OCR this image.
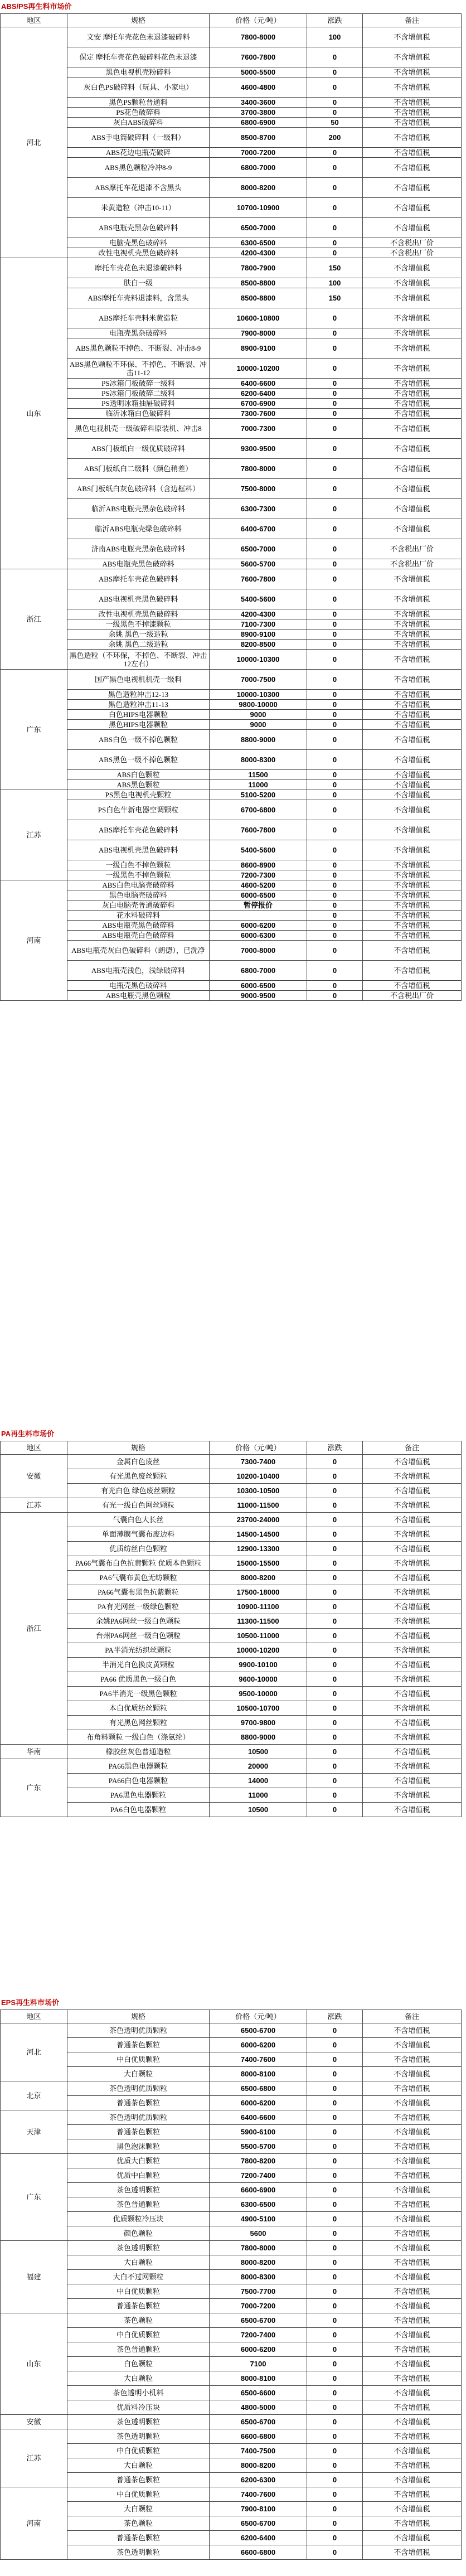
ABS/PS再生料市场价
地区	规格	价格（元/吨）	涨跌	备注
河北	文安 摩托车壳花色未退漆破碎料	7800-8000	100	不含增值税
	保定 摩托车壳花色破碎料花色未退漆	7600-7800	0	不含增值税
	黑色电视机壳粉碎料	5000-5500	0	不含增值税
	灰白色PS破碎料（玩具、小家电）	4600-4800	0	不含增值税
	黑色PS颗粒普通料	3400-3600	0	不含增值税
	PS花色破碎料	3700-3800	0	不含增值税
	灰白ABS破碎料	6800-6900	50	不含增值税
	ABS手电筒破碎料（一级料）	8500-8700	200	不含增值税
	ABS花边电瓶壳破碎	7000-7200	0	不含增值税
	ABS黑色颗粒冷冲8-9	6800-7000	0	不含增值税
	ABS摩托车花退漆不含黑头	8000-8200	0	不含增值税
	米黄造粒（冲击10-11）	10700-10900	0	不含增值税
	ABS电瓶壳黑杂色破碎料	6500-7000	0	不含增值税
	电脑壳黑色破碎料	6300-6500	0	不含税出厂价
	改性电视机壳黑色破碎料	4200-4300	0	不含税出厂价
山东	摩托车壳花色未退漆破碎料	7800-7900	150	不含增值税
	肤白一级	8500-8800	100	不含增值税
	ABS摩托车壳料退漆料，含黑头	8500-8800	150	不含增值税
	ABS摩托车壳料米黄造粒	10600-10800	0	不含增值税
	电瓶壳黑杂破碎料	7900-8000	0	不含增值税
	ABS黑色颗粒不掉色、不断裂、冲击8-9	8900-9100	0	不含增值税
	ABS黑色颗粒不环保、不掉色、不断裂、冲击11-12	10000-10200	0	不含增值税
	PS冰箱门板破碎一级料	6400-6600	0	不含增值税
	PS冰箱门板破碎二级料	6200-6400	0	不含增值税
	PS透明冰箱抽屉破碎料	6700-6900	0	不含增值税
	临沂冰箱白色破碎料	7300-7600	0	不含增值税
	黑色电视机壳一级破碎料原装机、冲击8	7000-7300	0	不含增值税
	ABS门板纸白一级优质破碎料	9300-9500	0	不含增值税
	ABS门板纸白二级料（颜色稍差）	7800-8000	0	不含增值税
	ABS门板纸白灰色破碎料（含边框料）	7500-8000	0	不含增值税
	临沂ABS电瓶壳黑杂色破碎料	6300-7300	0	不含增值税
	临沂ABS电瓶壳绿色破碎料	6400-6700	0	不含增值税
	济南ABS电瓶壳黑杂色破碎料	6500-7000	0	不含税出厂价
	ABS电瓶壳黑色破碎料	5600-5700	0	不含税出厂价
浙江	ABS摩托车壳花色破碎料	7600-7800	0	不含增值税
	ABS电视机壳黑色破碎料	5400-5600	0	不含增值税
	改性电视机壳黑色破碎料	4200-4300	0	不含增值税
	一级黑色不掉漆颗粒	7100-7300	0	不含增值税
	余姚 黑色一级造粒	8900-9100	0	不含增值税
	余姚 黑色二级造粒	8200-8500	0	不含增值税
	黑色造粒（不环保，不掉色、不断裂、冲击12左右）	10000-10300	0	不含增值税
广东	国产黑色电视机机壳一级料	7000-7500	0	不含增值税
	黑色造粒冲击12-13	10000-10300	0	不含增值税
	黑色造粒冲击11-13	9800-10000	0	不含增值税
	白色HIPS电器颗粒	9000	0	不含增值税
	黑色HIPS电器颗粒	9000	0	不含增值税
	ABS白色一级不掉色颗粒	8800-9000	0	不含增值税
	ABS黑色一级不掉色颗粒	8000-8300	0	不含增值税
	ABS白色颗粒	11500	0	不含增值税
	ABS黑色颗粒	11000	0	不含增值税
江苏	PS黑色电视机壳颗粒	5100-5200	0	不含增值税
	PS白色牛新电器空调颗粒	6700-6800	0	不含增值税
	ABS摩托车壳花色破碎料	7600-7800	0	不含增值税
	ABS电视机壳黑色破碎料	5400-5600	0	不含增值税
	一级白色不掉色颗粒	8600-8900	0	不含增值税
	一级黑色不掉色颗粒	7200-7300	0	不含增值税
河南	ABS白色电脑壳破碎料	4600-5200	0	不含增值税
	黑色电脑壳破碎料	6000-6500	0	不含增值税
	灰白电脑壳普通破碎料	暂停报价	0	不含增值税
	花水料破碎料		0	不含增值税
	ABS电瓶壳黑色破碎料	6000-6200	0	不含增值税
	ABS电瓶壳白色破碎料	6000-6300	0	不含增值税
	ABS电瓶壳灰白色破碎料（朗德），已洗净	7000-8000	0	不含增值税
	ABS电瓶壳浅色，浅绿破碎料	6800-7000	0	不含增值税
	电瓶壳黑色破碎料	6000-6500	0	不含增值税
	ABS电瓶壳黑色颗粒	9000-9500	0	不含税出厂价
PA再生料市场价
地区	规格	价格（元/吨）	涨跌	备注
安徽	金属白色废丝	7300-7400	0	不含增值税
	有光黑色废丝颗粒	10200-10400	0	不含增值税
	有光白色 绿色废丝颗粒	10300-10500	0	不含增值税
江苏	有光一级白色网丝颗粒	11000-11500	0	不含增值税
浙江	气囊白色大长丝	23700-24000	0	不含增值税
	单面薄膜气囊布废边料	14500-14500	0	不含增值税
	优质纺丝白色颗粒	12900-13300	0	不含增值税
	PA66气囊布白色抗黄颗粒 优质本色颗粒	15000-15500	0	不含增值税
	PA6气囊布黄色无纺颗粒	8000-8200	0	不含增值税
	PA66气囊布黑色抗紫颗粒	17500-18000	0	不含增值税
	PA有光网丝一级绿色颗粒	10900-11100	0	不含增值税
	余姚PA6网丝一级白色颗粒	11300-11500	0	不含增值税
	台州PA6网丝一级白色颗粒	10500-11000	0	不含增值税
	PA半消光纺织丝颗粒	10000-10200	0	不含增值税
	半消光白色换皮黄颗粒	9900-10100	0	不含增值税
	PA66 优质黑色一级白色	9600-10000	0	不含增值税
	PA6半消光一级黑色颗粒	9500-10000	0	不含增值税
	本白优质纺丝颗粒	10500-10700	0	不含增值税
	有光黑色网丝颗粒	9700-9800	0	不含增值税
	布角料颗粒 一级白色（涤氨纶）	8800-9000	0	不含增值税
华南	橡胶丝灰色普通造粒	10500	0	不含增值税
广东	PA66黑色电器颗粒	20000	0	不含增值税
	PA66白色电器颗粒	14000	0	不含增值税
	PA6黑色电器颗粒	11000	0	不含增值税
	PA6白色电器颗粒	10500	0	不含增值税
EPS再生料市场价
地区	规格	价格（元/吨）	涨跌	备注
河北	茶色透明优质颗粒	6500-6700	0	不含增值税
	普通茶色颗粒	6000-6200	0	不含增值税
	中白优质颗粒	7400-7600	0	不含增值税
	大白颗粒	8000-8100	0	不含增值税
北京	茶色透明优质颗粒	6500-6800	0	不含增值税
	普通茶色颗粒	6000-6200	0	不含增值税
天津	茶色透明优质颗粒	6400-6600	0	不含增值税
	普通茶色颗粒	5900-6100	0	不含增值税
	黑色泡沫颗粒	5500-5700	0	不含增值税
广东	优质大白颗粒	7800-8200	0	不含增值税
	优质中白颗粒	7200-7400	0	不含增值税
	茶色透明颗粒	6600-6900	0	不含增值税
	茶色普通颗粒	6300-6500	0	不含增值税
	优质颗粒冷压块	4900-5100	0	不含增值税
	颜色颗粒	5600	0	不含增值税
福建	茶色透明颗粒	7800-8000	0	不含增值税
	大白颗粒	8000-8200	0	不含增值税
	大白不过网颗粒	8000-8300	0	不含增值税
	中白优质颗粒	7500-7700	0	不含增值税
	普通茶色颗粒	7000-7200	0	不含增值税
山东	茶色颗粒	6500-6700	0	不含增值税
	中白优质颗粒	7200-7400	0	不含增值税
	茶色普通颗粒	6000-6200	0	不含增值税
	白色颗粒	7100	0	不含增值税
	大白颗粒	8000-8100	0	不含增值税
	茶色透明小机料	6500-6600	0	不含增值税
	优质料冷压块	4800-5000	0	不含增值税
安徽	茶色透明颗粒	6500-6700	0	不含增值税
江苏	茶色透明颗粒	6600-6800	0	不含增值税
	中白优质颗粒	7400-7500	0	不含增值税
	大白颗粒	8000-8200	0	不含增值税
	普通茶色颗粒	6200-6300	0	不含增值税
河南	中白优质颗粒	7400-7600	0	不含增值税
	大白颗粒	7900-8100	0	不含增值税
	茶色颗粒	6500-6700	0	不含增值税
	普通茶色颗粒	6200-6400	0	不含增值税
	茶色透明颗粒	6600-6800	0	不含增值税
